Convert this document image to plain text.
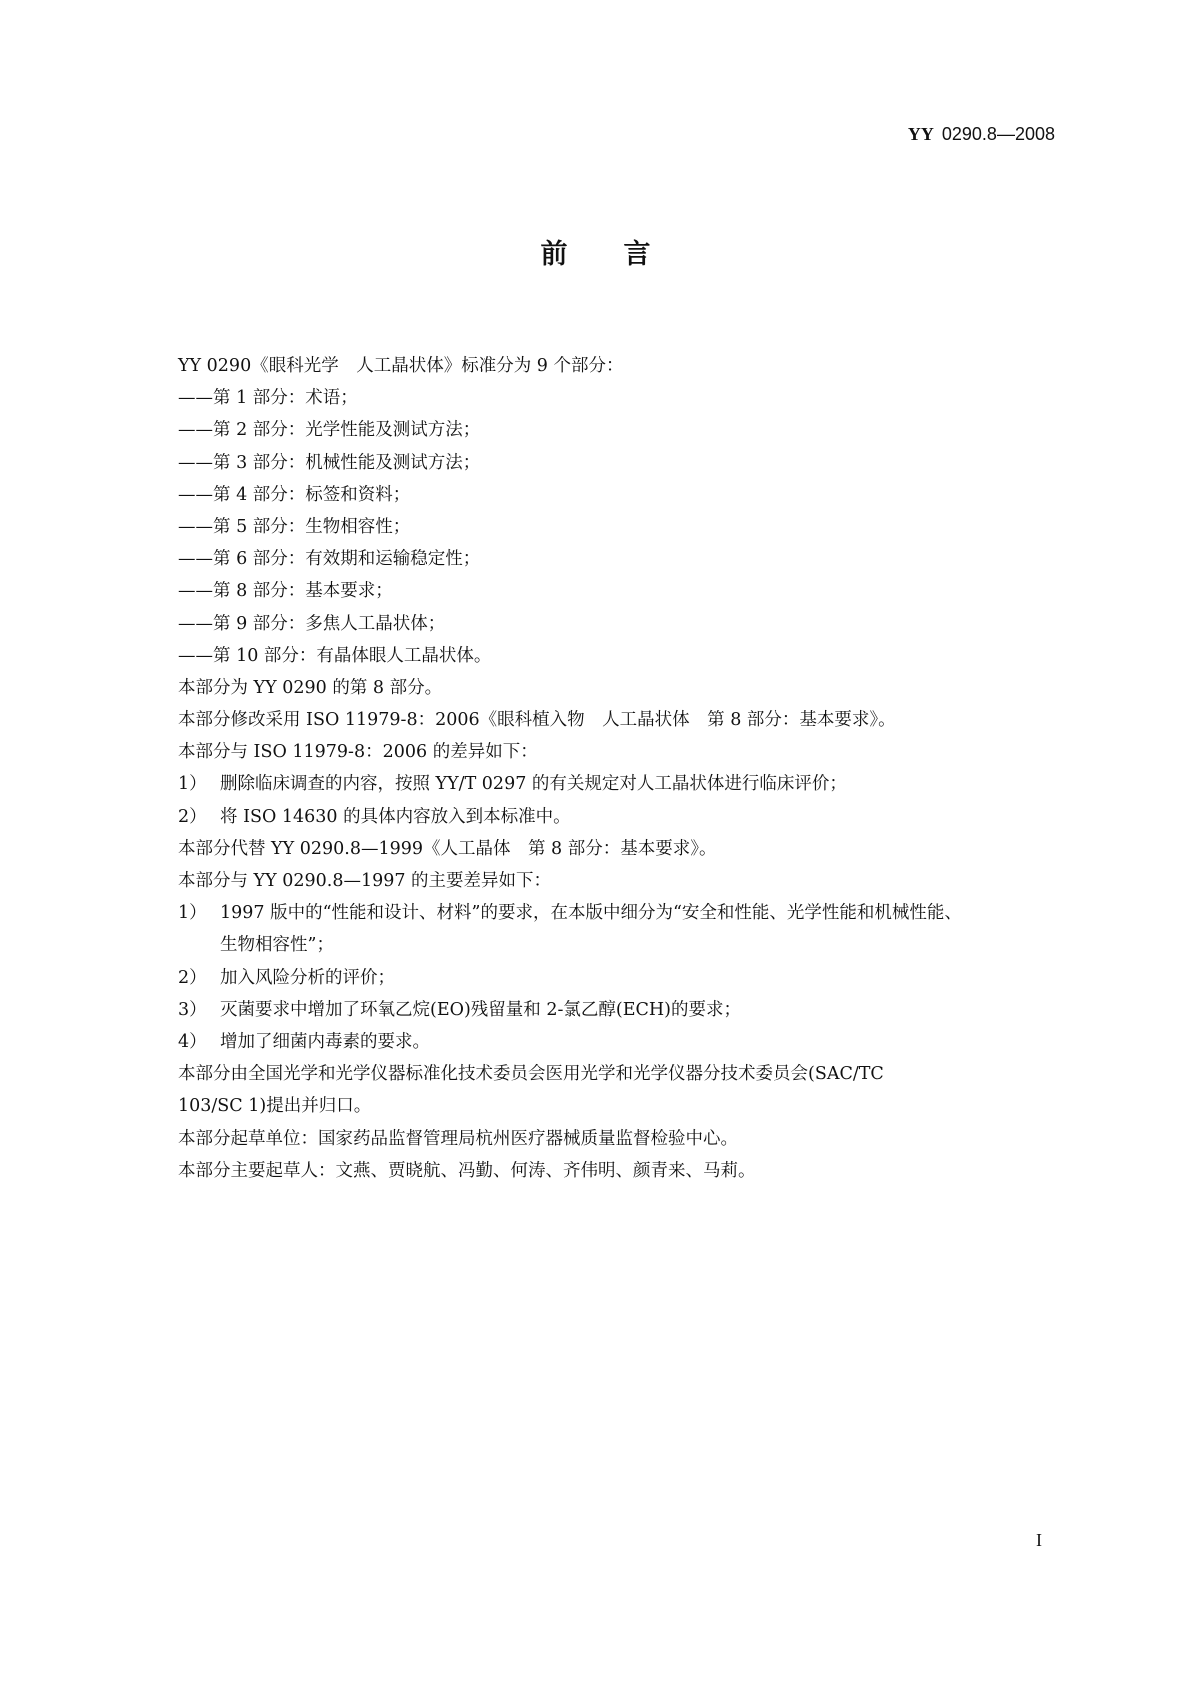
YY 0290.8—2008
前 言
YY 0290《眼科光学　人工晶状体》标准分为 9 个部分：
——第 1 部分：术语；
——第 2 部分：光学性能及测试方法；
——第 3 部分：机械性能及测试方法；
——第 4 部分：标签和资料；
——第 5 部分：生物相容性；
——第 6 部分：有效期和运输稳定性；
——第 8 部分：基本要求；
——第 9 部分：多焦人工晶状体；
——第 10 部分：有晶体眼人工晶状体。
本部分为 YY 0290 的第 8 部分。
本部分修改采用 ISO 11979-8：2006《眼科植入物　人工晶状体　第 8 部分：基本要求》。
本部分与 ISO 11979-8：2006 的差异如下：
1） 删除临床调查的内容，按照 YY/T 0297 的有关规定对人工晶状体进行临床评价；
2） 将 ISO 14630 的具体内容放入到本标准中。
本部分代替 YY 0290.8—1999《人工晶体　第 8 部分：基本要求》。
本部分与 YY 0290.8—1997 的主要差异如下：
1） 1997 版中的“性能和设计、材料”的要求，在本版中细分为“安全和性能、光学性能和机械性能、
生物相容性”；
2） 加入风险分析的评价；
3） 灭菌要求中增加了环氧乙烷(EO)残留量和 2-氯乙醇(ECH)的要求；
4） 增加了细菌内毒素的要求。
本部分由全国光学和光学仪器标准化技术委员会医用光学和光学仪器分技术委员会(SAC/TC
103/SC 1)提出并归口。
本部分起草单位：国家药品监督管理局杭州医疗器械质量监督检验中心。
本部分主要起草人：文燕、贾晓航、冯勤、何涛、齐伟明、颜青来、马莉。
I
